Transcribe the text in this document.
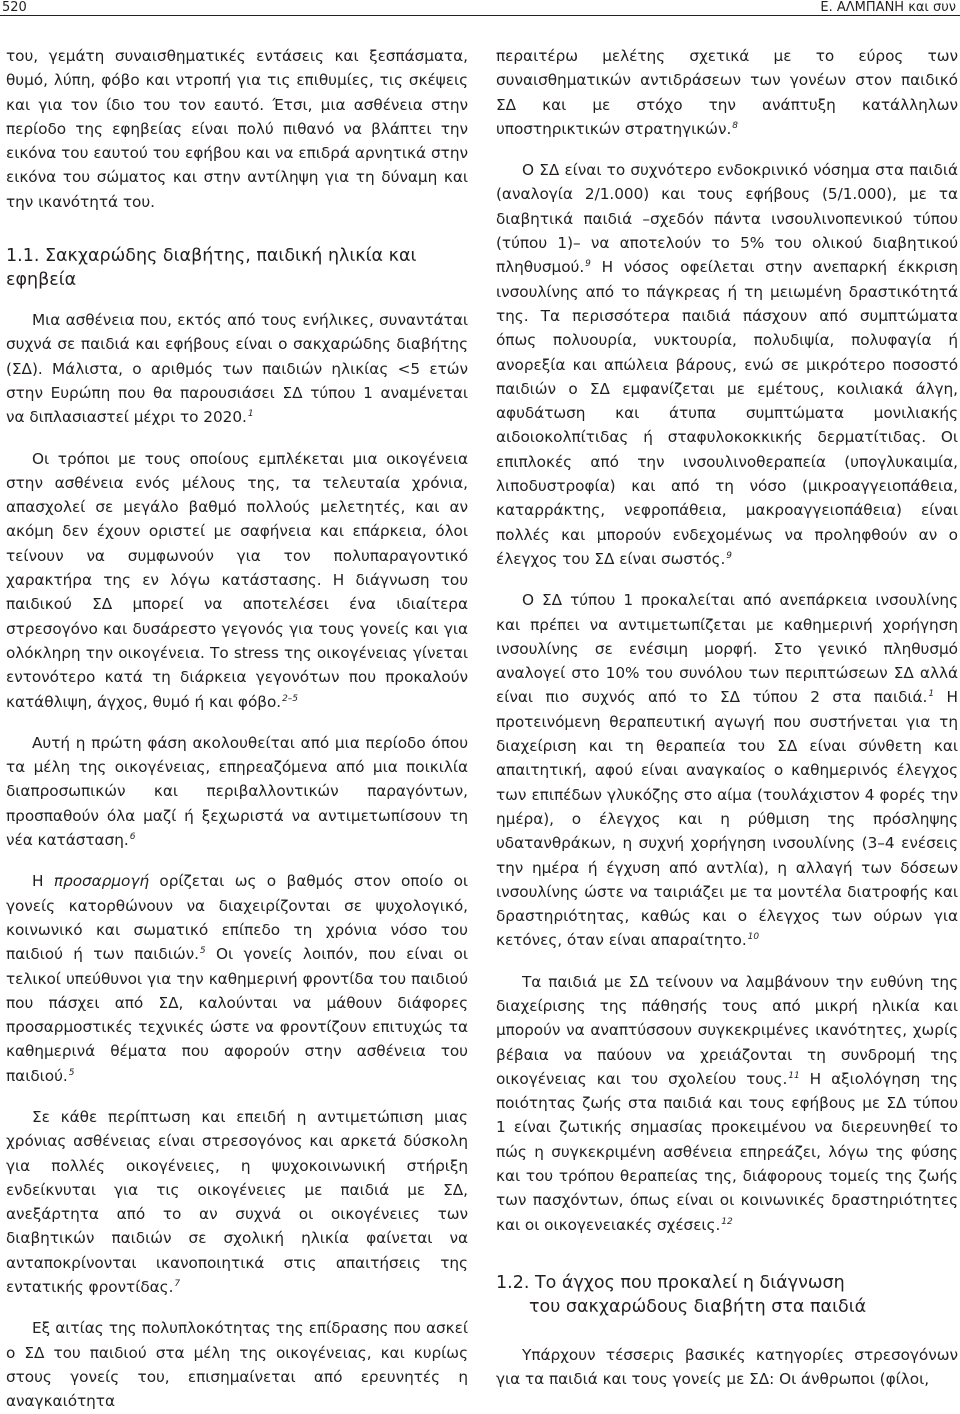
520	Ε. ΑΛΜΠΑΝΗ και συν

του, γεμάτη συναισθηματικές εντάσεις και ξεσπάσματα, θυμό, λύπη, φόβο και ντροπή για τις επιθυμίες, τις σκέψεις και για τον ίδιο του τον εαυτό. Έτσι, μια ασθένεια στην περίοδο της εφηβείας είναι πολύ πιθανό να βλάπτει την εικόνα του εαυτού του εφήβου και να επιδρά αρνητικά στην εικόνα του σώματος και στην αντίληψη για τη δύναμη και την ικανότητά του.

1.1. Σακχαρώδης διαβήτης, παιδική ηλικία και εφηβεία

Μια ασθένεια που, εκτός από τους ενήλικες, συναντάται συχνά σε παιδιά και εφήβους είναι ο σακχαρώδης διαβήτης (ΣΔ). Μάλιστα, ο αριθμός των παιδιών ηλικίας <5 ετών στην Ευρώπη που θα παρουσιάσει ΣΔ τύπου 1 αναμένεται να διπλασιαστεί μέχρι το 2020.$^1$

Οι τρόποι με τους οποίους εμπλέκεται μια οικογένεια στην ασθένεια ενός μέλους της, τα τελευταία χρόνια, απασχολεί σε μεγάλο βαθμό πολλούς μελετητές, και αν ακόμη δεν έχουν οριστεί με σαφήνεια και επάρκεια, όλοι τείνουν να συμφωνούν για τον πολυπαραγοντικό χαρακτήρα της εν λόγω κατάστασης. Η διάγνωση του παιδικού ΣΔ μπορεί να αποτελέσει ένα ιδιαίτερα στρεσογόνο και δυσάρεστο γεγονός για τους γονείς και για ολόκληρη την οικογένεια. Το stress της οικογένειας γίνεται εντονότερο κατά τη διάρκεια γεγονότων που προκαλούν κατάθλιψη, άγχος, θυμό ή και φόβο.$^{2-5}$

Αυτή η πρώτη φάση ακολουθείται από μια περίοδο όπου τα μέλη της οικογένειας, επηρεαζόμενα από μια ποικιλία διαπροσωπικών και περιβαλλοντικών παραγόντων, προσπαθούν όλα μαζί ή ξεχωριστά να αντιμετωπίσουν τη νέα κατάσταση.$^6$

Η προσαρμογή ορίζεται ως ο βαθμός στον οποίο οι γονείς κατορθώνουν να διαχειρίζονται σε ψυχολογικό, κοινωνικό και σωματικό επίπεδο τη χρόνια νόσο του παιδιού ή των παιδιών.$^5$ Οι γονείς λοιπόν, που είναι οι τελικοί υπεύθυνοι για την καθημερινή φροντίδα του παιδιού που πάσχει από ΣΔ, καλούνται να μάθουν διάφορες προσαρμοστικές τεχνικές ώστε να φροντίζουν επιτυχώς τα καθημερινά θέματα που αφορούν στην ασθένεια του παιδιού.$^5$

Σε κάθε περίπτωση και επειδή η αντιμετώπιση μιας χρόνιας ασθένειας είναι στρεσογόνος και αρκετά δύσκολη για πολλές οικογένειες, η ψυχοκοινωνική στήριξη ενδείκνυται για τις οικογένειες με παιδιά με ΣΔ, ανεξάρτητα από το αν συχνά οι οικογένειες των διαβητικών παιδιών σε σχολική ηλικία φαίνεται να ανταποκρίνονται ικανοποιητικά στις απαιτήσεις της εντατικής φροντίδας.$^7$

Εξ αιτίας της πολυπλοκότητας της επίδρασης που ασκεί ο ΣΔ του παιδιού στα μέλη της οικογένειας, και κυρίως στους γονείς του, επισημαίνεται από ερευνητές η αναγκαιότητα

περαιτέρω μελέτης σχετικά με το εύρος των συναισθηματικών αντιδράσεων των γονέων στον παιδικό ΣΔ και με στόχο την ανάπτυξη κατάλληλων υποστηρικτικών στρατηγικών.$^8$

Ο ΣΔ είναι το συχνότερο ενδοκρινικό νόσημα στα παιδιά (αναλογία 2/1.000) και τους εφήβους (5/1.000), με τα διαβητικά παιδιά –σχεδόν πάντα ινσουλινοπενικού τύπου (τύπου 1)– να αποτελούν το 5% του ολικού διαβητικού πληθυσμού.$^9$ Η νόσος οφείλεται στην ανεπαρκή έκκριση ινσουλίνης από το πάγκρεας ή τη μειωμένη δραστικότητά της. Τα περισσότερα παιδιά πάσχουν από συμπτώματα όπως πολυουρία, νυκτουρία, πολυδιψία, πολυφαγία ή ανορεξία και απώλεια βάρους, ενώ σε μικρότερο ποσοστό παιδιών ο ΣΔ εμφανίζεται με εμέτους, κοιλιακά άλγη, αφυδάτωση και άτυπα συμπτώματα μονιλιακής αιδοιοκολπίτιδας ή σταφυλοκοκκικής δερματίτιδας. Οι επιπλοκές από την ινσουλινοθεραπεία (υπογλυκαιμία, λιποδυστροφία) και από τη νόσο (μικροαγγειοπάθεια, καταρράκτης, νεφροπάθεια, μακροαγγειοπάθεια) είναι πολλές και μπορούν ενδεχομένως να προληφθούν αν ο έλεγχος του ΣΔ είναι σωστός.$^9$

Ο ΣΔ τύπου 1 προκαλείται από ανεπάρκεια ινσουλίνης και πρέπει να αντιμετωπίζεται με καθημερινή χορήγηση ινσουλίνης σε ενέσιμη μορφή. Στο γενικό πληθυσμό αναλογεί στο 10% του συνόλου των περιπτώσεων ΣΔ αλλά είναι πιο συχνός από το ΣΔ τύπου 2 στα παιδιά.$^1$ Η προτεινόμενη θεραπευτική αγωγή που συστήνεται για τη διαχείριση και τη θεραπεία του ΣΔ είναι σύνθετη και απαιτητική, αφού είναι αναγκαίος ο καθημερινός έλεγχος των επιπέδων γλυκόζης στο αίμα (τουλάχιστον 4 φορές την ημέρα), ο έλεγχος και η ρύθμιση της πρόσληψης υδατανθράκων, η συχνή χορήγηση ινσουλίνης (3–4 ενέσεις την ημέρα ή έγχυση από αντλία), η αλλαγή των δόσεων ινσουλίνης ώστε να ταιριάζει με τα μοντέλα διατροφής και δραστηριότητας, καθώς και ο έλεγχος των ούρων για κετόνες, όταν είναι απαραίτητο.$^{10}$

Τα παιδιά με ΣΔ τείνουν να λαμβάνουν την ευθύνη της διαχείρισης της πάθησής τους από μικρή ηλικία και μπορούν να αναπτύσσουν συγκεκριμένες ικανότητες, χωρίς βέβαια να παύουν να χρειάζονται τη συνδρομή της οικογένειας και του σχολείου τους.$^{11}$ Η αξιολόγηση της ποιότητας ζωής στα παιδιά και τους εφήβους με ΣΔ τύπου 1 είναι ζωτικής σημασίας προκειμένου να διερευνηθεί το πώς η συγκεκριμένη ασθένεια επηρεάζει, λόγω της φύσης και του τρόπου θεραπείας της, διάφορους τομείς της ζωής των πασχόντων, όπως είναι οι κοινωνικές δραστηριότητες και οι οικογενειακές σχέσεις.$^{12}$

1.2. Το άγχος που προκαλεί η διάγνωση
του σακχαρώδους διαβήτη στα παιδιά

Υπάρχουν τέσσερις βασικές κατηγορίες στρεσογόνων για τα παιδιά και τους γονείς με ΣΔ: Οι άνθρωποι (φίλοι,
